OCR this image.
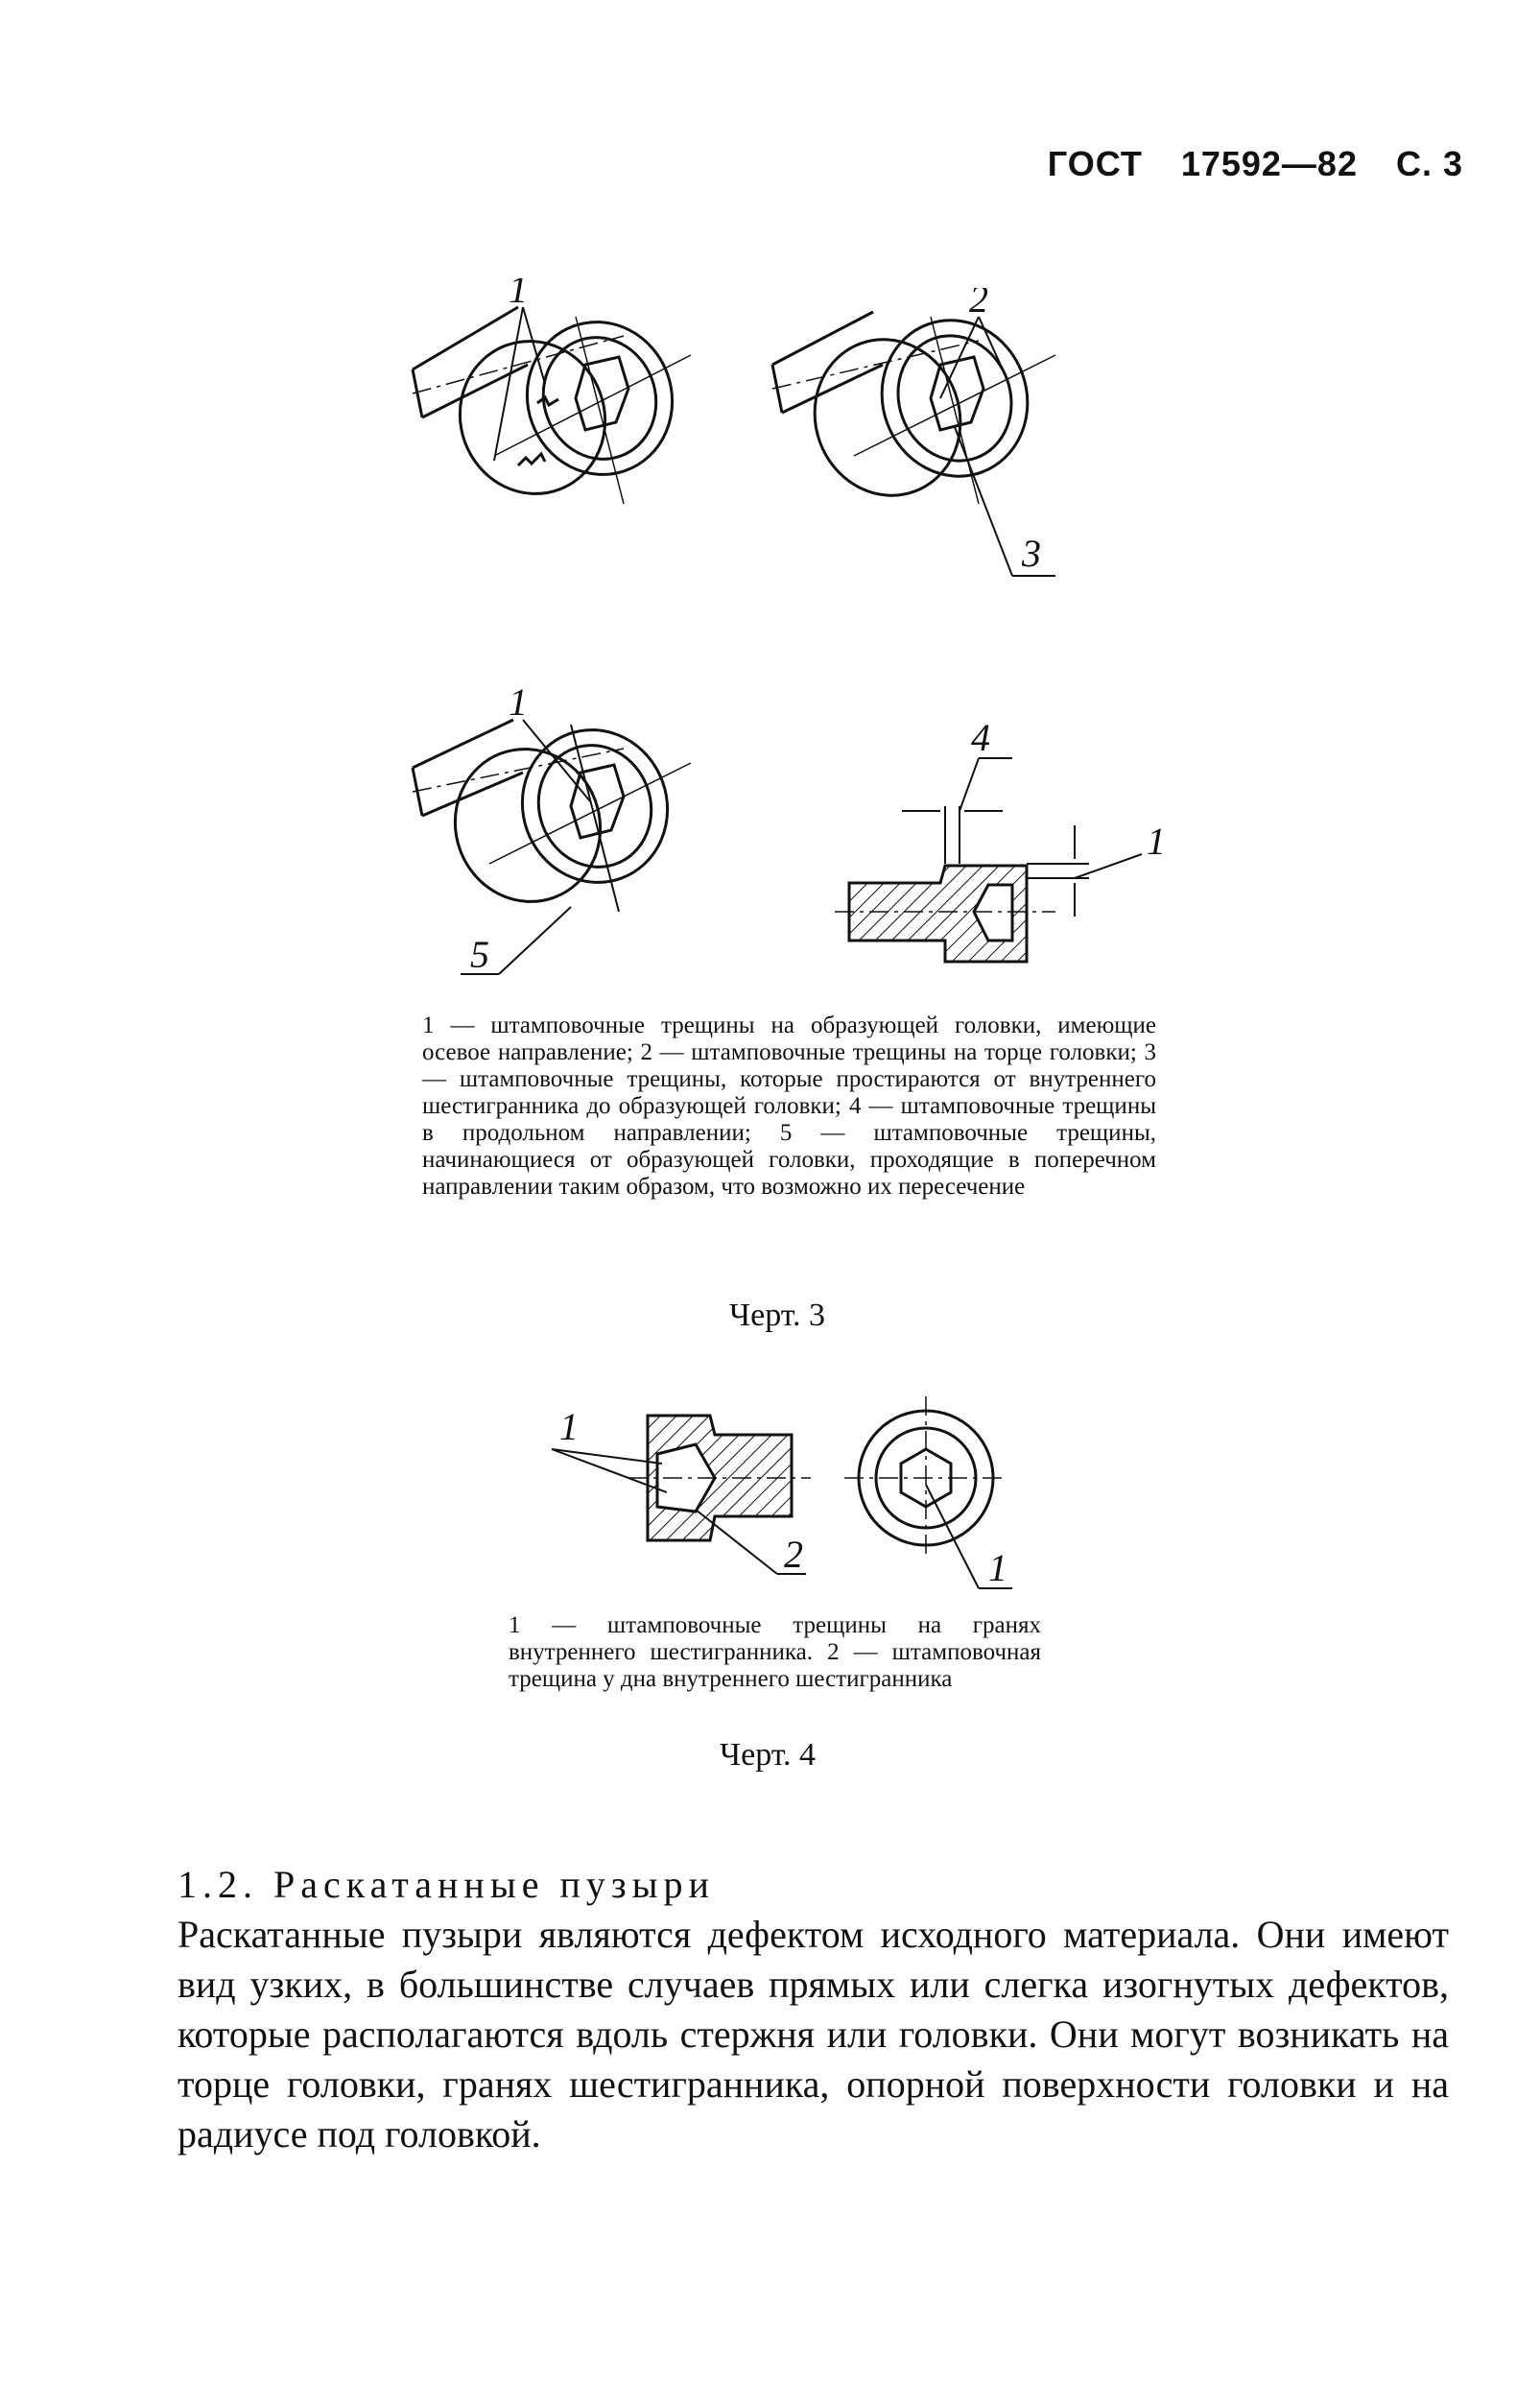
ГОСТ 17592—82 С. 3
1	2
3
1
5
4
1

1 — штамповочные трещины на образующей головки, имеющие осевое направление; 2 — штамповочные трещины на торце головки; 3 — штамповочные трещины, которые простираются от внутреннего шестигранника до образующей головки; 4 — штамповочные трещины в продольном направлении; 5 — штамповочные трещины, начинающиеся от образующей головки, проходящие в поперечном направлении таким образом, что возможно их пересечение

Черт. 3
1
2	1

1 — штамповочные трещины на гранях внутреннего шестигранника. 2 — штамповочная трещина у дна внутреннего шестигранника

Черт. 4
1.2. Раскатанные пузыри

Раскатанные пузыри являются дефектом исходного материала. Они имеют вид узких, в большинстве случаев прямых или слегка изогнутых дефектов, которые располагаются вдоль стержня или головки. Они могут возникать на торце головки, гранях шестигранника, опорной поверхности головки и на радиусе под головкой.
